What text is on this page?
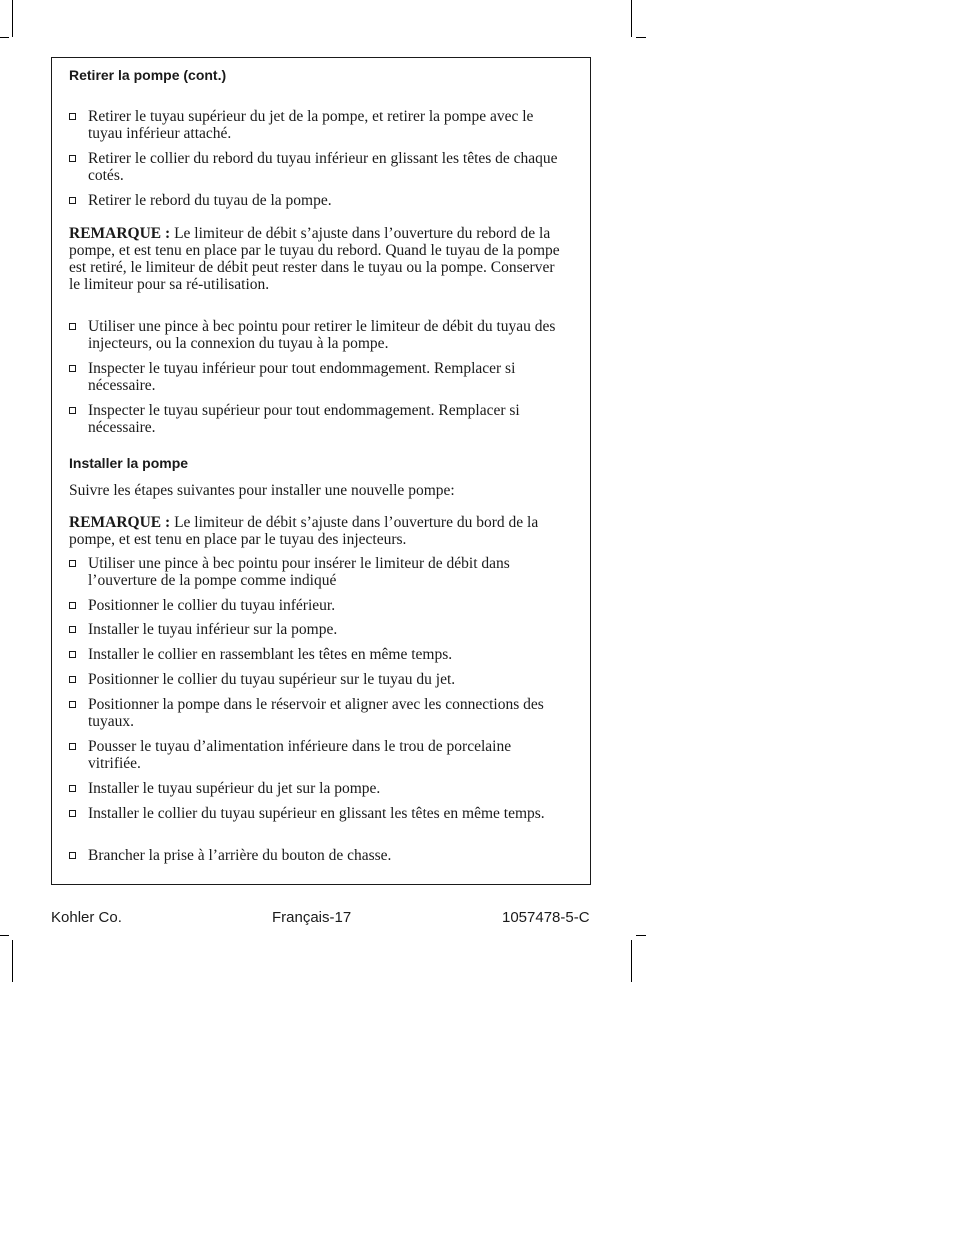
Retirer la pompe (cont.)
Retirer le tuyau supérieur du jet de la pompe, et retirer la pompe avec le tuyau inférieur attaché.
Retirer le collier du rebord du tuyau inférieur en glissant les têtes de chaque cotés.
Retirer le rebord du tuyau de la pompe.
REMARQUE : Le limiteur de débit s’ajuste dans l’ouverture du rebord de la pompe, et est tenu en place par le tuyau du rebord. Quand le tuyau de la pompe est retiré, le limiteur de débit peut rester dans le tuyau ou la pompe. Conserver le limiteur pour sa ré-utilisation.
Utiliser une pince à bec pointu pour retirer le limiteur de débit du tuyau des injecteurs, ou la connexion du tuyau à la pompe.
Inspecter le tuyau inférieur pour tout endommagement. Remplacer si nécessaire.
Inspecter le tuyau supérieur pour tout endommagement. Remplacer si nécessaire.
Installer la pompe
Suivre les étapes suivantes pour installer une nouvelle pompe:
REMARQUE : Le limiteur de débit s’ajuste dans l’ouverture du bord de la pompe, et est tenu en place par le tuyau des injecteurs.
Utiliser une pince à bec pointu pour insérer le limiteur de débit dans l’ouverture de la pompe comme indiqué
Positionner le collier du tuyau inférieur.
Installer le tuyau inférieur sur la pompe.
Installer le collier en rassemblant les têtes en même temps.
Positionner le collier du tuyau supérieur sur le tuyau du jet.
Positionner la pompe dans le réservoir et aligner avec les connections des tuyaux.
Pousser le tuyau d’alimentation inférieure dans le trou de porcelaine vitrifiée.
Installer le tuyau supérieur du jet sur la pompe.
Installer le collier du tuyau supérieur en glissant les têtes en même temps.
Brancher la prise à l’arrière du bouton de chasse.
Kohler Co.	Français-17	1057478-5-C
